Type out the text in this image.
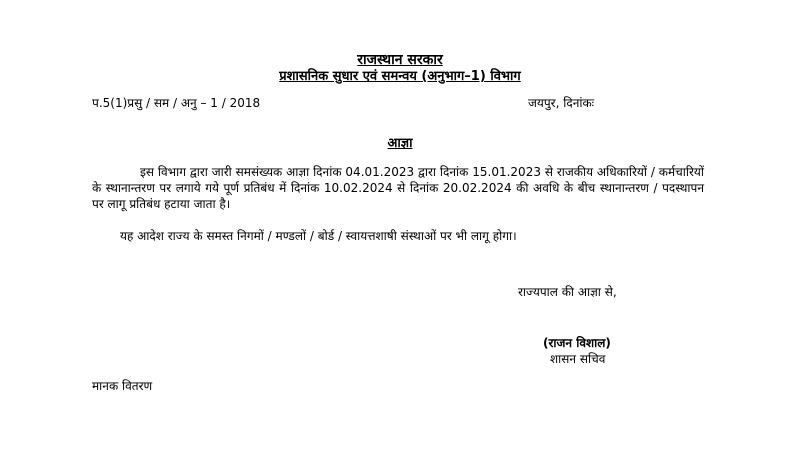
राजस्थान सरकार
प्रशासनिक सुधार एवं समन्वय (अनुभाग–1) विभाग
प.5(1)प्रसु / सम / अनु – 1 / 2018	जयपुर, दिनांकः
आज्ञा
इस विभाग द्वारा जारी समसंख्यक आज्ञा दिनांक 04.01.2023 द्वारा दिनांक 15.01.2023 से राजकीय अधिकारियों / कर्मचारियों के स्थानान्तरण पर लगाये गये पूर्ण प्रतिबंध में दिनांक 10.02.2024 से दिनांक 20.02.2024 की अवधि के बीच स्थानान्तरण / पदस्थापन पर लागू प्रतिबंध हटाया जाता है।
यह आदेश राज्य के समस्त निगमों / मण्डलों / बोर्ड / स्वायत्तशाषी संस्थाओं पर भी लागू होगा।
राज्यपाल की आज्ञा से,
(राजन विशाल)
शासन सचिव
मानक वितरण
